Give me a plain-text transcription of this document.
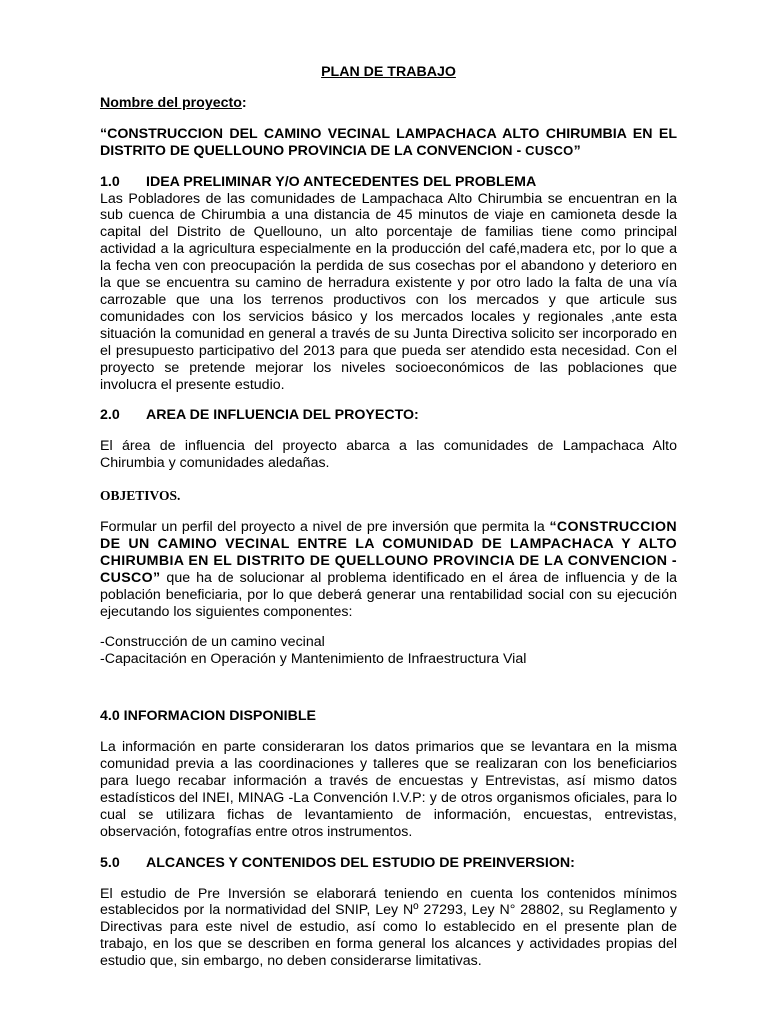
PLAN DE TRABAJO
Nombre del proyecto:

“CONSTRUCCION DEL CAMINO VECINAL LAMPACHACA ALTO CHIRUMBIA EN EL DISTRITO DE QUELLOUNO PROVINCIA DE LA CONVENCION - CUSCO”

1.0 IDEA PRELIMINAR Y/O ANTECEDENTES DEL PROBLEMA

Las Pobladores de las comunidades de Lampachaca Alto Chirumbia se encuentran en la sub cuenca de Chirumbia a una distancia de 45 minutos de viaje en camioneta desde la capital del Distrito de Quellouno, un alto porcentaje de familias tiene como principal actividad a la agricultura especialmente en la producción del café,madera etc, por lo que a la fecha ven con preocupación la perdida de sus cosechas por el abandono y deterioro en la que se encuentra su camino de herradura existente y por otro lado la falta de una vía carrozable que una los terrenos productivos con los mercados y que articule sus comunidades con los servicios básico y los mercados locales y regionales ,ante esta situación la comunidad en general a través de su Junta Directiva solicito ser incorporado en el presupuesto participativo del 2013 para que pueda ser atendido esta necesidad. Con el proyecto se pretende mejorar los niveles socioeconómicos de las poblaciones que involucra el presente estudio.

2.0 AREA DE INFLUENCIA DEL PROYECTO:

El área de influencia del proyecto abarca a las comunidades de Lampachaca Alto Chirumbia y comunidades aledañas.

OBJETIVOS.

Formular un perfil del proyecto a nivel de pre inversión que permita la “CONSTRUCCION DE UN CAMINO VECINAL ENTRE LA COMUNIDAD DE LAMPACHACA Y ALTO CHIRUMBIA EN EL DISTRITO DE QUELLOUNO PROVINCIA DE LA CONVENCION - CUSCO” que ha de solucionar al problema identificado en el área de influencia y de la población beneficiaria, por lo que deberá generar una rentabilidad social con su ejecución ejecutando los siguientes componentes:

-Construcción de un camino vecinal

-Capacitación en Operación y Mantenimiento de Infraestructura Vial

4.0 INFORMACION DISPONIBLE

La información en parte consideraran los datos primarios que se levantara en la misma comunidad previa a las coordinaciones y talleres que se realizaran con los beneficiarios para luego recabar información a través de encuestas y Entrevistas, así mismo datos estadísticos del INEI, MINAG -La Convención I.V.P: y de otros organismos oficiales, para lo cual se utilizara fichas de levantamiento de información, encuestas, entrevistas, observación, fotografías entre otros instrumentos.

5.0 ALCANCES Y CONTENIDOS DEL ESTUDIO DE PREINVERSION:

El estudio de Pre Inversión se elaborará teniendo en cuenta los contenidos mínimos establecidos por la normatividad del SNIP, Ley Nº 27293, Ley N° 28802, su Reglamento y Directivas para este nivel de estudio, así como lo establecido en el presente plan de trabajo, en los que se describen en forma general los alcances y actividades propias del estudio que, sin embargo, no deben considerarse limitativas.
